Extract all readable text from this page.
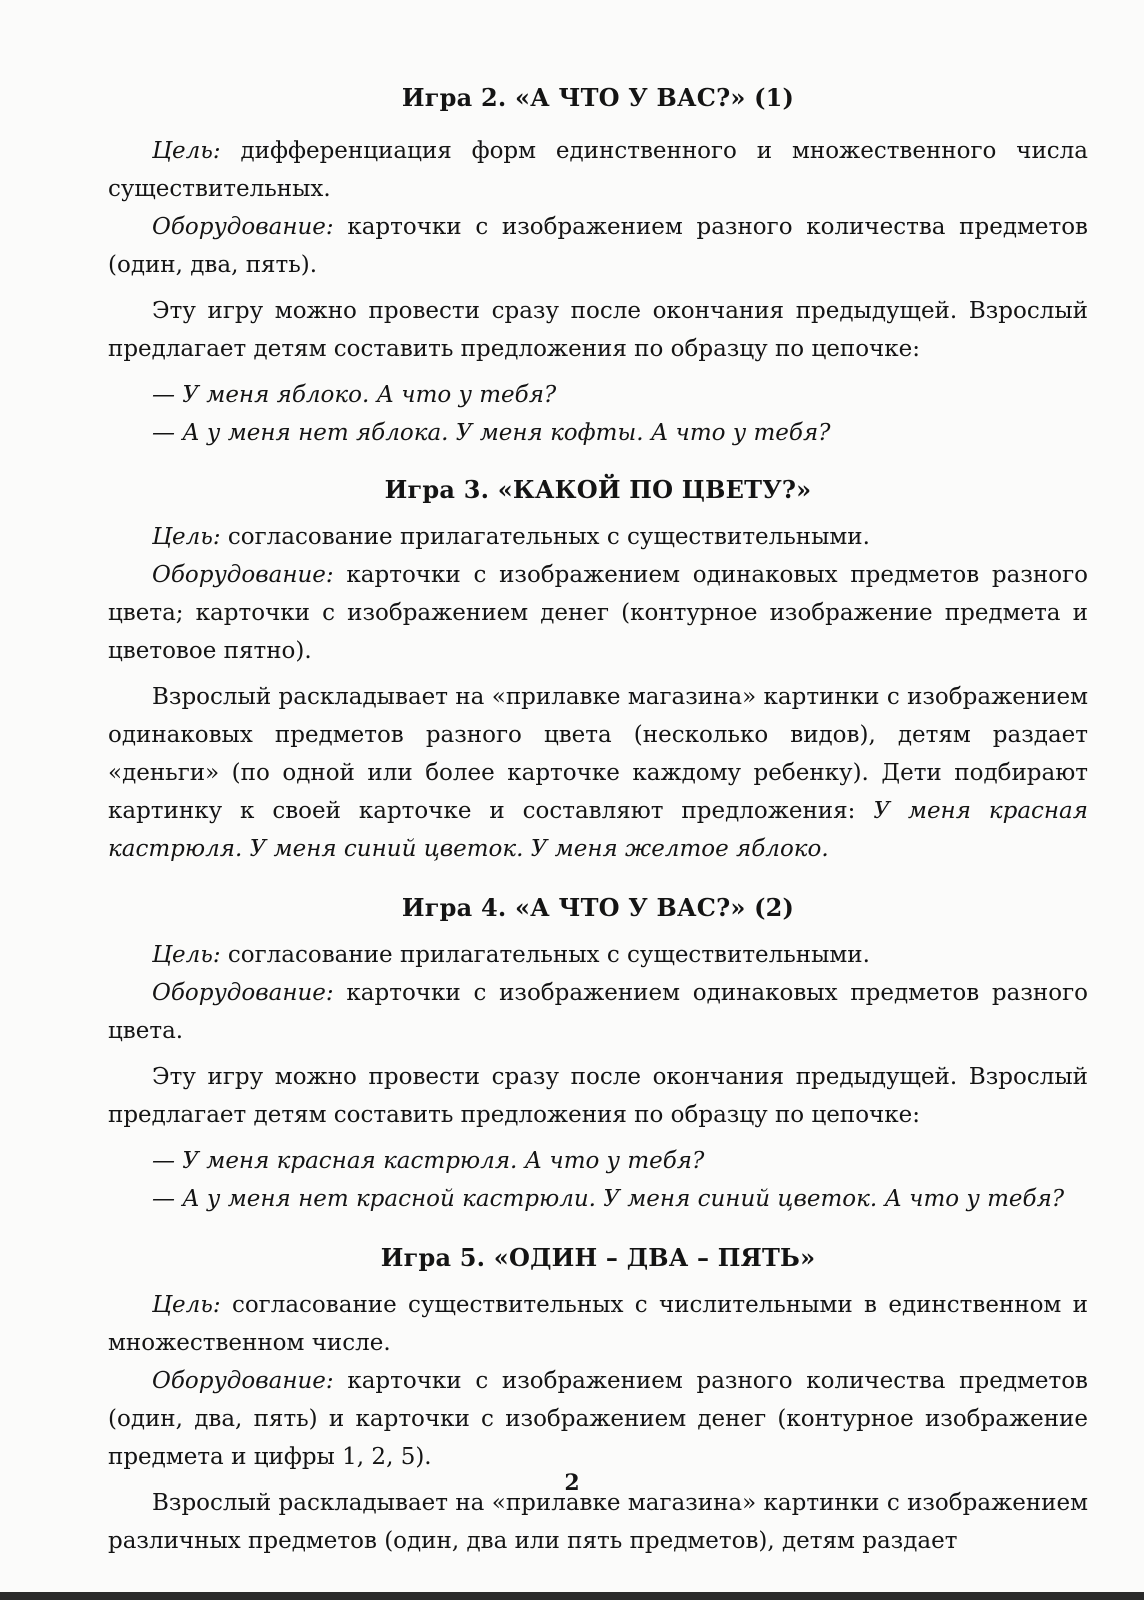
Игра 2. «А ЧТО У ВАС?» (1)

Цель: дифференциация форм единственного и множественного числа существительных.

Оборудование: карточки с изображением разного количества предметов (один, два, пять).

Эту игру можно провести сразу после окончания предыдущей. Взрослый предлагает детям составить предложения по образцу по цепочке:

— У меня яблоко. А что у тебя?

— А у меня нет яблока. У меня кофты. А что у тебя?

Игра 3. «КАКОЙ ПО ЦВЕТУ?»

Цель: согласование прилагательных с существительными.

Оборудование: карточки с изображением одинаковых предметов разного цвета; карточки с изображением денег (контурное изображение предмета и цветовое пятно).

Взрослый раскладывает на «прилавке магазина» картинки с изображением одинаковых предметов разного цвета (несколько видов), детям раздает «деньги» (по одной или более карточке каждому ребенку). Дети подбирают картинку к своей карточке и составляют предложения: У меня красная кастрюля. У меня синий цветок. У меня желтое яблоко.

Игра 4. «А ЧТО У ВАС?» (2)

Цель: согласование прилагательных с существительными.

Оборудование: карточки с изображением одинаковых предметов разного цвета.

Эту игру можно провести сразу после окончания предыдущей. Взрослый предлагает детям составить предложения по образцу по цепочке:

— У меня красная кастрюля. А что у тебя?

— А у меня нет красной кастрюли. У меня синий цветок. А что у тебя?

Игра 5. «ОДИН – ДВА – ПЯТЬ»

Цель: согласование существительных с числительными в единственном и множественном числе.

Оборудование: карточки с изображением разного количества предметов (один, два, пять) и карточки с изображением денег (контурное изображение предмета и цифры 1, 2, 5).

Взрослый раскладывает на «прилавке магазина» картинки с изображением различных предметов (один, два или пять предметов), детям раздает

2
